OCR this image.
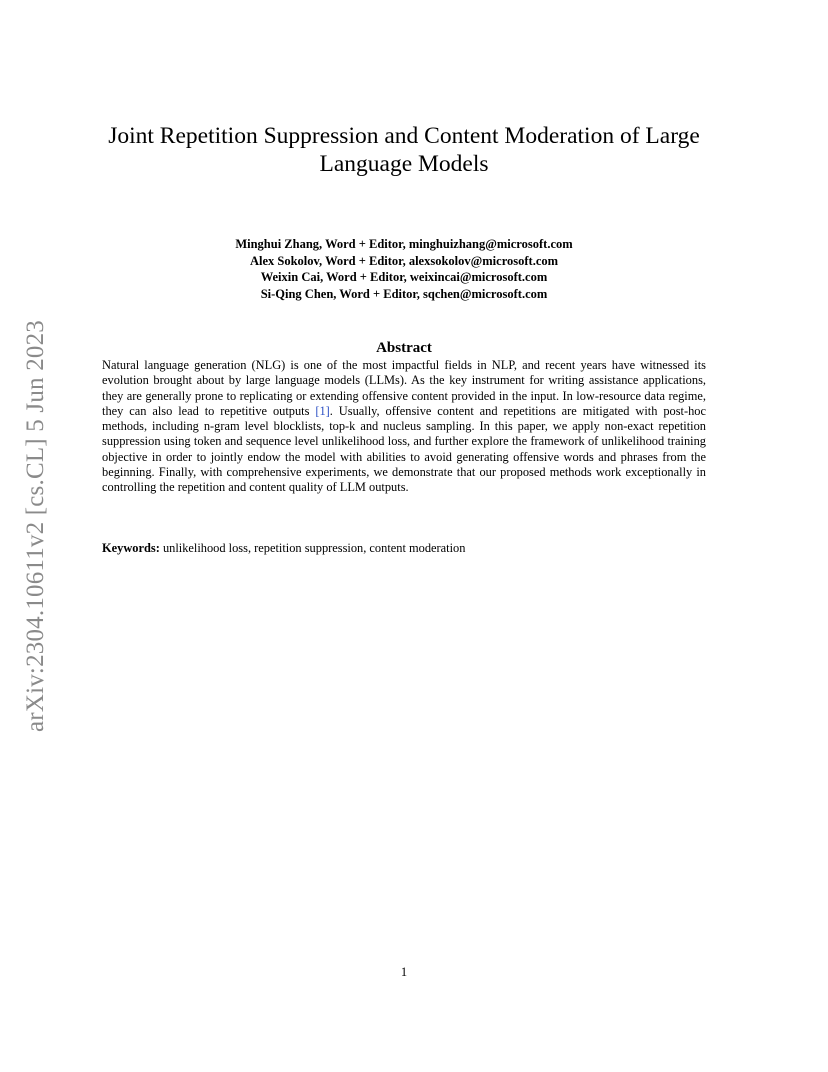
arXiv:2304.10611v2 [cs.CL] 5 Jun 2023
Joint Repetition Suppression and Content Moderation of Large Language Models
Minghui Zhang, Word + Editor, minghuizhang@microsoft.com
Alex Sokolov, Word + Editor, alexsokolov@microsoft.com
Weixin Cai, Word + Editor, weixincai@microsoft.com
Si-Qing Chen, Word + Editor, sqchen@microsoft.com
Abstract

Natural language generation (NLG) is one of the most impactful fields in NLP, and recent years have witnessed its evolution brought about by large language models (LLMs). As the key instrument for writing assistance applications, they are generally prone to replicating or extending offensive content provided in the input. In low-resource data regime, they can also lead to repetitive outputs [1]. Usually, offensive content and repetitions are mitigated with post-hoc methods, including n-gram level blocklists, top-k and nucleus sampling. In this paper, we apply non-exact repetition suppression using token and sequence level unlikelihood loss, and further explore the framework of unlikelihood training objective in order to jointly endow the model with abilities to avoid generating offensive words and phrases from the beginning. Finally, with comprehensive experiments, we demonstrate that our proposed methods work exceptionally in controlling the repetition and content quality of LLM outputs.

Keywords: unlikelihood loss, repetition suppression, content moderation

1
